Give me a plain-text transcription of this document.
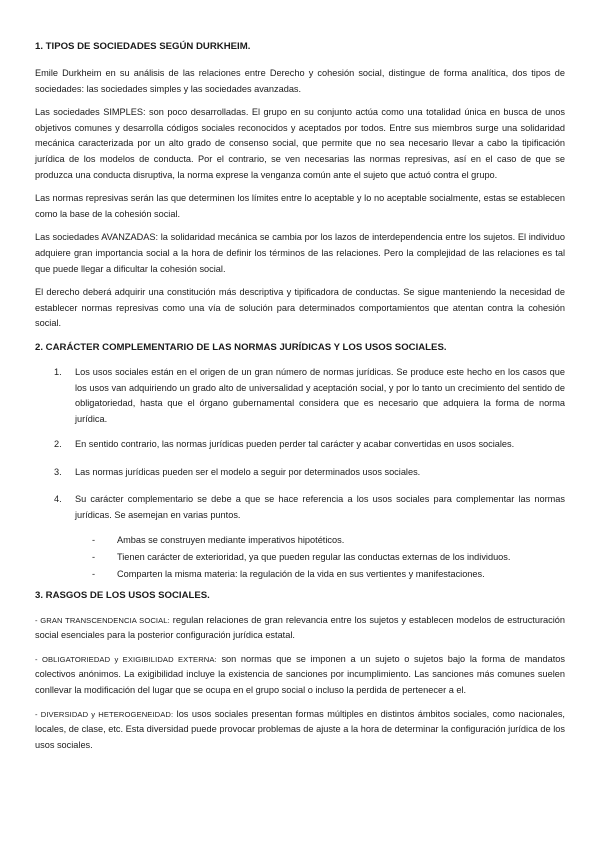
1. TIPOS DE SOCIEDADES SEGÚN DURKHEIM.

Emile Durkheim en su análisis de las relaciones entre Derecho y cohesión social, distingue de forma analítica, dos tipos de sociedades: las sociedades simples y las sociedades avanzadas.

Las sociedades SIMPLES: son poco desarrolladas. El grupo en su conjunto actúa como una totalidad única en busca de unos objetivos comunes y desarrolla códigos sociales reconocidos y aceptados por todos. Entre sus miembros surge una solidaridad mecánica caracterizada por un alto grado de consenso social, que permite que no sea necesario llevar a cabo la tipificación jurídica de los modelos de conducta. Por el contrario, se ven necesarias las normas represivas, así en el caso de que se produzca una conducta disruptiva, la norma exprese la venganza común ante el sujeto que actuó contra el grupo.

Las normas represivas serán las que determinen los límites entre lo aceptable y lo no aceptable socialmente, estas se establecen como la base de la cohesión social.

Las sociedades AVANZADAS: la solidaridad mecánica se cambia por los lazos de interdependencia entre los sujetos. El individuo adquiere gran importancia social a la hora de definir los términos de las relaciones. Pero la complejidad de las relaciones es tal que puede llegar a dificultar la cohesión social.

El derecho deberá adquirir una constitución más descriptiva y tipificadora de conductas. Se sigue manteniendo la necesidad de establecer normas represivas como una vía de solución para determinados comportamientos que atentan contra la cohesión social.

2. CARÁCTER COMPLEMENTARIO DE LAS NORMAS JURÍDICAS Y LOS USOS SOCIALES.

1.	Los usos sociales están en el origen de un gran número de normas jurídicas. Se produce este hecho en los casos que los usos van adquiriendo un grado alto de universalidad y aceptación social, y por lo tanto un crecimiento del sentido de obligatoriedad, hasta que el órgano gubernamental considera que es necesario que adquiera la forma de norma jurídica.
2.	En sentido contrario, las normas jurídicas pueden perder tal carácter y acabar convertidas en usos sociales.
3.	Las normas jurídicas pueden ser el modelo a seguir por determinados usos sociales.
4.	Su carácter complementario se debe a que se hace referencia a los usos sociales para complementar las normas jurídicas. Se asemejan en varias puntos.
-	Ambas se construyen mediante imperativos hipotéticos.
-	Tienen carácter de exterioridad, ya que pueden regular las conductas externas de los individuos.
-	Comparten la misma materia: la regulación de la vida en sus vertientes y manifestaciones.

3. RASGOS DE LOS USOS SOCIALES.

- GRAN TRANSCENDENCIA SOCIAL: regulan relaciones de gran relevancia entre los sujetos y establecen modelos de estructuración social esenciales para la posterior configuración jurídica estatal.

- OBLIGATORIEDAD y EXIGIBILIDAD EXTERNA: son normas que se imponen a un sujeto o sujetos bajo la forma de mandatos colectivos anónimos. La exigibilidad incluye la existencia de sanciones por incumplimiento. Las sanciones más comunes suelen conllevar la modificación del lugar que se ocupa en el grupo social o incluso la perdida de pertenecer a el.

- DIVERSIDAD y HETEROGENEIDAD: los usos sociales presentan formas múltiples en distintos ámbitos sociales, como nacionales, locales, de clase, etc. Esta diversidad puede provocar problemas de ajuste a la hora de determinar la configuración jurídica de los usos sociales.
